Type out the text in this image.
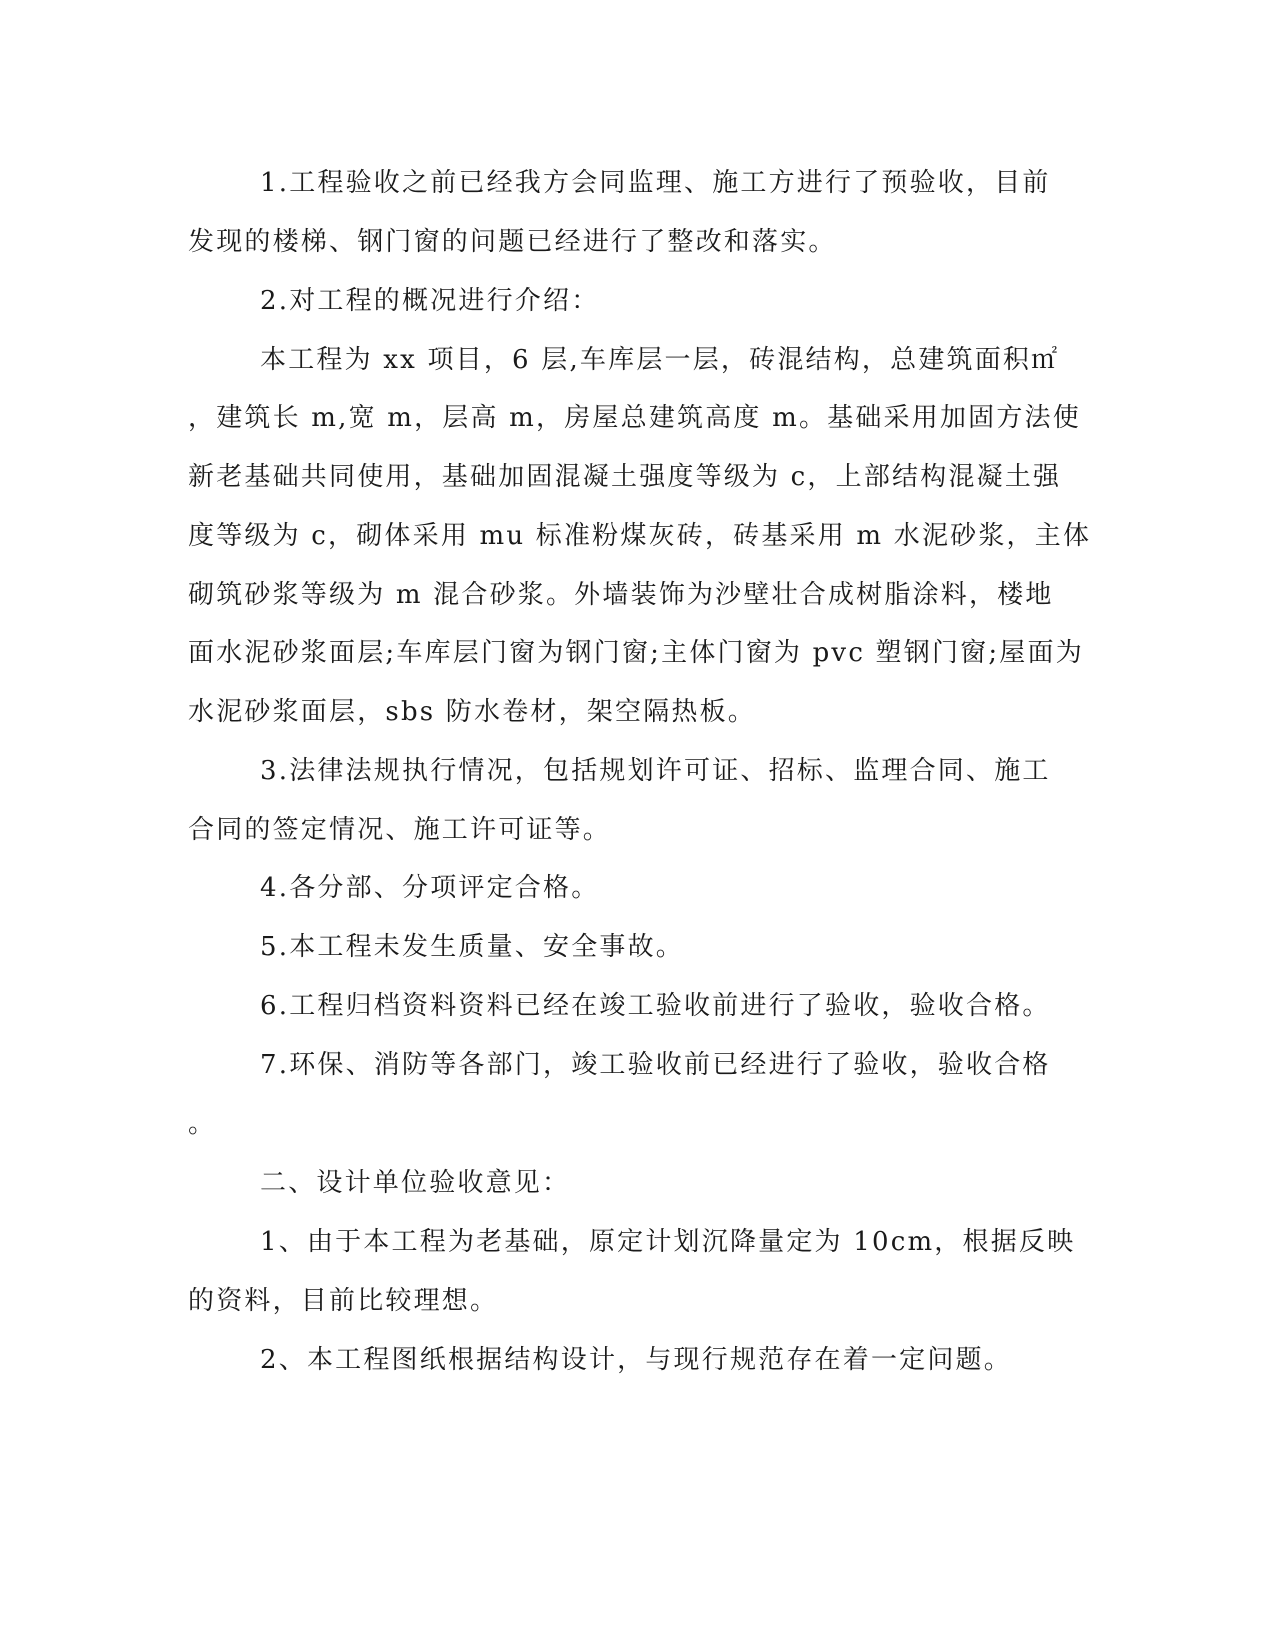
1.工程验收之前已经我方会同监理、施工方进行了预验收，目前
发现的楼梯、钢门窗的问题已经进行了整改和落实。
2.对工程的概况进行介绍：
本工程为 xx 项目，6 层,车库层一层，砖混结构，总建筑面积㎡
，建筑长 m,宽 m，层高 m，房屋总建筑高度 m。基础采用加固方法使
新老基础共同使用，基础加固混凝土强度等级为 c，上部结构混凝土强
度等级为 c，砌体采用 mu 标准粉煤灰砖，砖基采用 m 水泥砂浆，主体
砌筑砂浆等级为 m 混合砂浆。外墙装饰为沙壁壮合成树脂涂料，楼地
面水泥砂浆面层;车库层门窗为钢门窗;主体门窗为 pvc 塑钢门窗;屋面为
水泥砂浆面层，sbs 防水卷材，架空隔热板。
3.法律法规执行情况，包括规划许可证、招标、监理合同、施工
合同的签定情况、施工许可证等。
4.各分部、分项评定合格。
5.本工程未发生质量、安全事故。
6.工程归档资料资料已经在竣工验收前进行了验收，验收合格。
7.环保、消防等各部门，竣工验收前已经进行了验收，验收合格
。
二、设计单位验收意见：
1、由于本工程为老基础，原定计划沉降量定为 10cm，根据反映
的资料，目前比较理想。
2、本工程图纸根据结构设计，与现行规范存在着一定问题。
